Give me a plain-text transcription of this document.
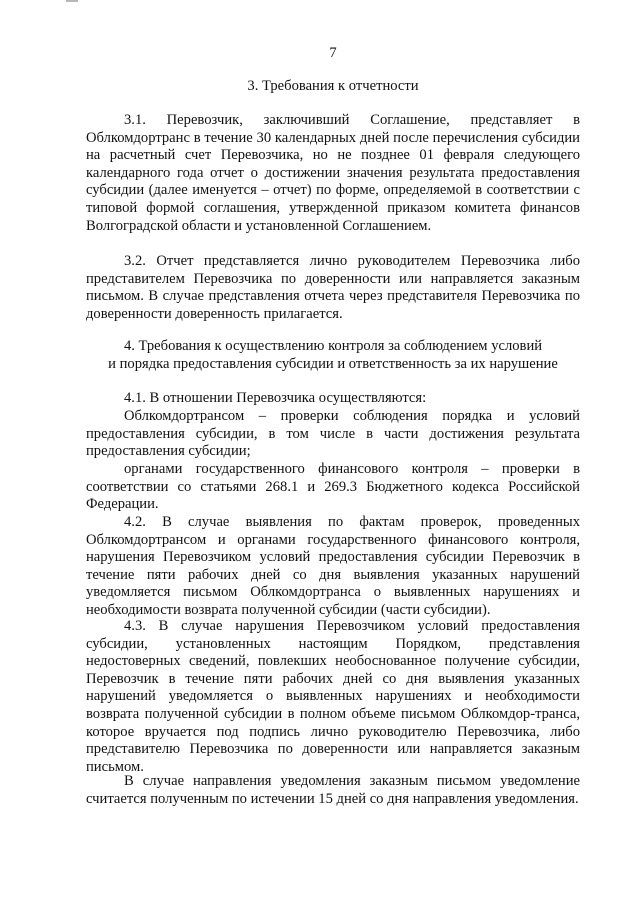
7
3. Требования к отчетности
3.1. Перевозчик, заключивший Соглашение, представляет в Облкомдортранс в течение 30 календарных дней после перечисления субсидии на расчетный счет Перевозчика, но не позднее 01 февраля следующего календарного года отчет о достижении значения результата предоставления субсидии (далее именуется – отчет) по форме, определяемой в соответствии с типовой формой соглашения, утвержденной приказом комитета финансов Волгоградской области и установленной Соглашением.
3.2. Отчет представляется лично руководителем Перевозчика либо представителем Перевозчика по доверенности или направляется заказным письмом. В случае представления отчета через представителя Перевозчика по доверенности доверенность прилагается.
4. Требования к осуществлению контроля за соблюдением условий
и порядка предоставления субсидии и ответственность за их нарушение
4.1. В отношении Перевозчика осуществляются:
Облкомдортрансом – проверки соблюдения порядка и условий предоставления субсидии, в том числе в части достижения результата предоставления субсидии;
органами государственного финансового контроля – проверки в соответствии со статьями 268.1 и 269.3 Бюджетного кодекса Российской Федерации.
4.2. В случае выявления по фактам проверок, проведенных Облкомдортрансом и органами государственного финансового контроля, нарушения Перевозчиком условий предоставления субсидии Перевозчик в течение пяти рабочих дней со дня выявления указанных нарушений уведомляется письмом Облкомдортранса о выявленных нарушениях и необходимости возврата полученной субсидии (части субсидии).
4.3. В случае нарушения Перевозчиком условий предоставления субсидии, установленных настоящим Порядком, представления недостоверных сведений, повлекших необоснованное получение субсидии, Перевозчик в течение пяти рабочих дней со дня выявления указанных нарушений уведомляется о выявленных нарушениях и необходимости возврата полученной субсидии в полном объеме письмом Облкомдор-транса, которое вручается под подпись лично руководителю Перевозчика, либо представителю Перевозчика по доверенности или направляется заказным письмом.
В случае направления уведомления заказным письмом уведомление считается полученным по истечении 15 дней со дня направления уведомления.
